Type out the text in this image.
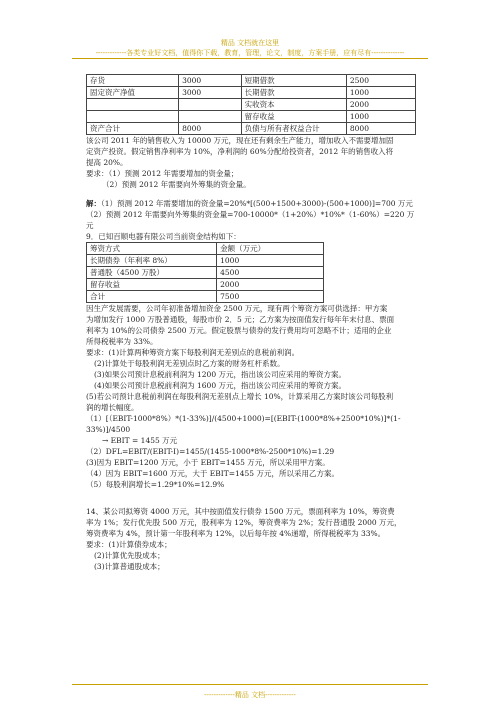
精品 文档就在这里
-------------各类专业好文档，值得你下载，教育，管理，论文，制度，方案手册，应有尽有--------------
存货	3000	短期借款	2500
固定资产净值	3000	长期借款	1000
		实收资本	2000
		留存收益	1000
资产合计	8000	负债与所有者权益合计	8000

该公司 2011 年的销售收入为 10000 万元，现在还有剩余生产能力，增加收入不需要增加固

定资产投资。假定销售净利率为 10%，净利润的 60%分配给投资者，2012 年的销售收入将

提高 20%。

要求：（1）预测 2012 年需要增加的资金量；

（2）预测 2012 年需要向外筹集的资金量。

解：（1）预测 2012 年需要增加的资金量=20%*[(500+1500+3000)-(500+1000)]=700 万元

（2）预测 2012 年需要向外筹集的资金量=700-10000*（1+20%）*10%*（1-60%）=220 万元

9．已知百顺电器有限公司当前资金结构如下：

筹资方式	金额（万元）
长期债券（年利率 8%）	1000
普通股（4500 万股）	4500
留存收益	2000
合计	7500

因生产发展需要，公司年初准备增加资金 2500 万元，现有两个筹资方案可供选择：甲方案

为增加发行 1000 万股普通股，每股市价 2．5 元；乙方案为按面值发行每年年末付息、票面

利率为 10%的公司债券 2500 万元。假定股票与债券的发行费用均可忽略不计；适用的企业

所得税税率为 33%。

要求：(1)计算两种筹资方案下每股利润无差别点的息税前利润。

(2)计算处于每股利润无差别点时乙方案的财务杠杆系数。

(3)如果公司预计息税前利润为 1200 万元，指出该公司应采用的筹资方案。

(4)如果公司预计息税前利润为 1600 万元，指出该公司应采用的筹资方案。

(5)若公司预计息税前利润在每股利润无差别点上增长 10%，计算采用乙方案时该公司每股利

润的增长幅度。

（1）[（EBIT-1000*8%）*(1-33%)]/(4500+1000)=[(EBIT-(1000*8%+2500*10%)]*(1-33%)]/4500

→ EBIT = 1455 万元

（2）DFL=EBIT/(EBIT-I)=1455/(1455-1000*8%-2500*10%)=1.29

(3)因为 EBIT=1200 万元，小于 EBIT=1455 万元，所以采用甲方案。

（4）因为 EBIT=1600 万元，大于 EBIT=1455 万元，所以采用乙方案。

（5）每股利润增长=1.29*10%=12.9%

14、某公司拟筹资 4000 万元，其中按面值发行债券 1500 万元，票面利率为 10%，筹资费

率为 1%；发行优先股 500 万元，股利率为 12%，筹资费率为 2%；发行普通股 2000 万元，

筹资费率为 4%，预计第一年股利率为 12%，以后每年按 4%递增，所得税税率为 33%。

要求：(1)计算债券成本；

(2)计算优先股成本；

(3)计算普通股成本；

-------------精品 文档-------------
